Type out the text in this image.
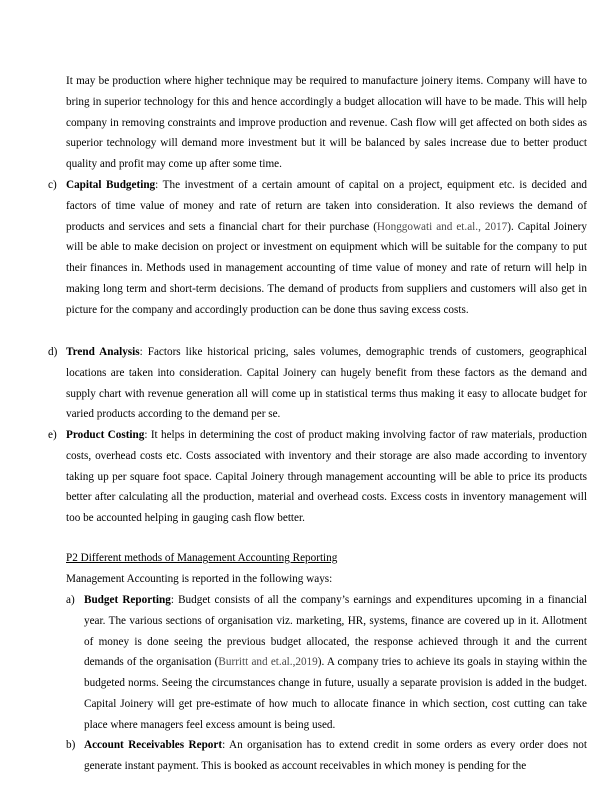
It may be production where higher technique may be required to manufacture joinery items. Company will have to bring in superior technology for this and hence accordingly a budget allocation will have to be made. This will help company in removing constraints and improve production and revenue. Cash flow will get affected on both sides as superior technology will demand more investment but it will be balanced by sales increase due to better product quality and profit may come up after some time.

c) Capital Budgeting: The investment of a certain amount of capital on a project, equipment etc. is decided and factors of time value of money and rate of return are taken into consideration. It also reviews the demand of products and services and sets a financial chart for their purchase (Honggowati and et.al., 2017). Capital Joinery will be able to make decision on project or investment on equipment which will be suitable for the company to put their finances in. Methods used in management accounting of time value of money and rate of return will help in making long term and short-term decisions. The demand of products from suppliers and customers will also get in picture for the company and accordingly production can be done thus saving excess costs.

d) Trend Analysis: Factors like historical pricing, sales volumes, demographic trends of customers, geographical locations are taken into consideration. Capital Joinery can hugely benefit from these factors as the demand and supply chart with revenue generation all will come up in statistical terms thus making it easy to allocate budget for varied products according to the demand per se.

e) Product Costing: It helps in determining the cost of product making involving factor of raw materials, production costs, overhead costs etc. Costs associated with inventory and their storage are also made according to inventory taking up per square foot space. Capital Joinery through management accounting will be able to price its products better after calculating all the production, material and overhead costs. Excess costs in inventory management will too be accounted helping in gauging cash flow better.

P2 Different methods of Management Accounting Reporting

Management Accounting is reported in the following ways:

a) Budget Reporting: Budget consists of all the company’s earnings and expenditures upcoming in a financial year. The various sections of organisation viz. marketing, HR, systems, finance are covered up in it. Allotment of money is done seeing the previous budget allocated, the response achieved through it and the current demands of the organisation (Burritt and et.al.,2019). A company tries to achieve its goals in staying within the budgeted norms. Seeing the circumstances change in future, usually a separate provision is added in the budget. Capital Joinery will get pre-estimate of how much to allocate finance in which section, cost cutting can take place where managers feel excess amount is being used.

b) Account Receivables Report: An organisation has to extend credit in some orders as every order does not generate instant payment. This is booked as account receivables in which money is pending for the
